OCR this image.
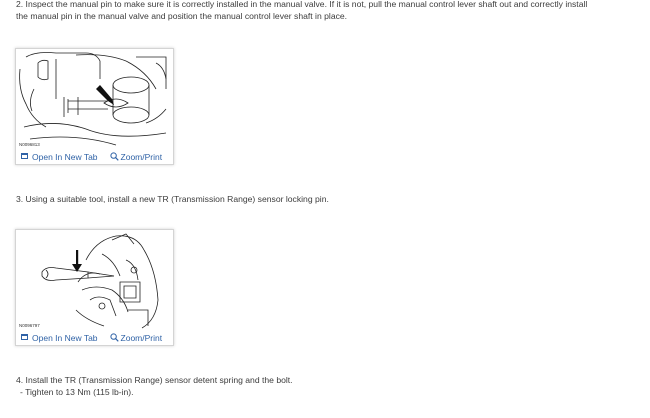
2. Inspect the manual pin to make sure it is correctly installed in the manual valve. If it is not, pull the manual control lever shaft out and correctly install

the manual pin in the manual valve and position the manual control lever shaft in place.

N0096813
Open In New Tab	Zoom/Print

3. Using a suitable tool, install a new TR (Transmission Range) sensor locking pin.

N0096797
Open In New Tab	Zoom/Print

4. Install the TR (Transmission Range) sensor detent spring and the bolt.

- Tighten to 13 Nm (115 lb-in).
